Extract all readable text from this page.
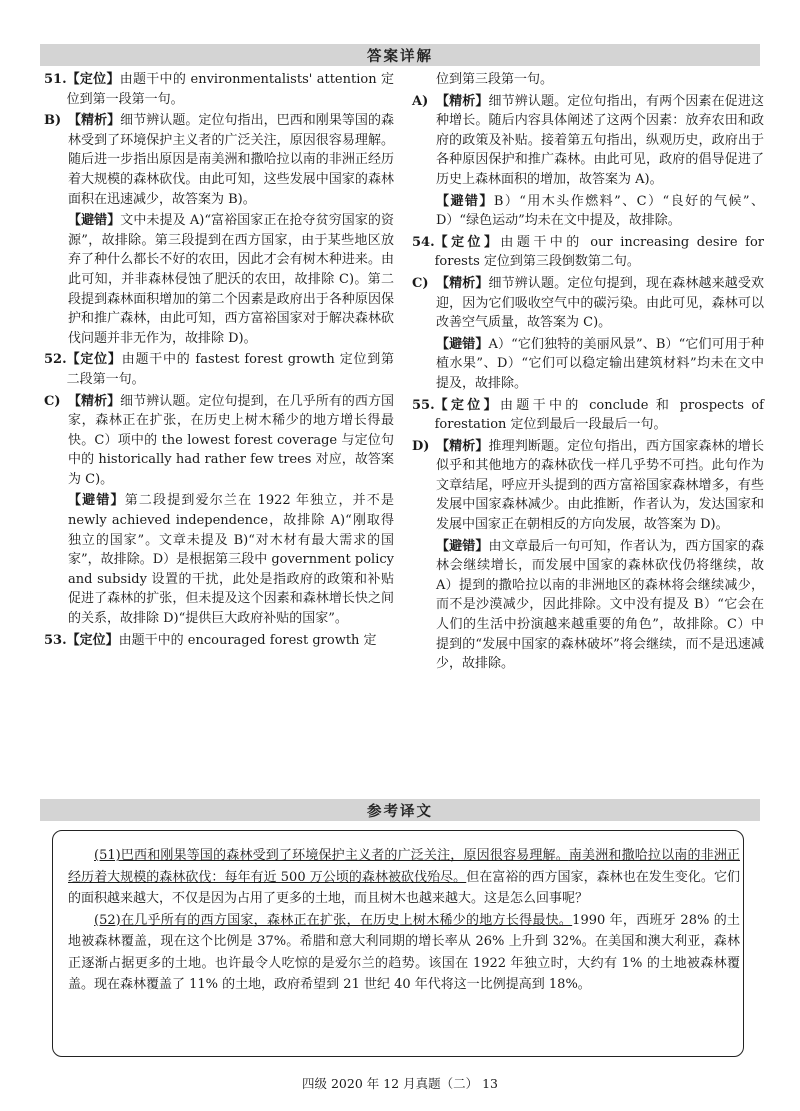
答案详解
51. 【定位】由题干中的 environmentalists' attention 定位到第一段第一句。
B) 【精析】细节辨认题。定位句指出，巴西和刚果等国的森林受到了环境保护主义者的广泛关注，原因很容易理解。随后进一步指出原因是南美洲和撒哈拉以南的非洲正经历着大规模的森林砍伐。由此可知，这些发展中国家的森林面积在迅速减少，故答案为 B)。
【避错】文中未提及 A)“富裕国家正在抢夺贫穷国家的资源”，故排除。第三段提到在西方国家，由于某些地区放弃了种什么都长不好的农田，因此才会有树木种进来。由此可知，并非森林侵蚀了肥沃的农田，故排除 C)。第二段提到森林面积增加的第二个因素是政府出于各种原因保护和推广森林，由此可知，西方富裕国家对于解决森林砍伐问题并非无作为，故排除 D)。
52. 【定位】由题干中的 fastest forest growth 定位到第二段第一句。
C) 【精析】细节辨认题。定位句提到，在几乎所有的西方国家，森林正在扩张，在历史上树木稀少的地方增长得最快。C）项中的 the lowest forest coverage 与定位句中的 historically had rather few trees 对应，故答案为 C)。
【避错】第二段提到爱尔兰在 1922 年独立，并不是 newly achieved independence，故排除 A)“刚取得独立的国家”。文章未提及 B)“对木材有最大需求的国家”，故排除。D）是根据第三段中 government policy and subsidy 设置的干扰，此处是指政府的政策和补贴促进了森林的扩张，但未提及这个因素和森林增长快之间的关系，故排除 D)“提供巨大政府补贴的国家”。
53. 【定位】由题干中的 encouraged forest growth 定
位到第三段第一句。
A) 【精析】细节辨认题。定位句指出，有两个因素在促进这种增长。随后内容具体阐述了这两个因素：放弃农田和政府的政策及补贴。接着第五句指出，纵观历史，政府出于各种原因保护和推广森林。由此可见，政府的倡导促进了历史上森林面积的增加，故答案为 A)。
【避错】B）“用木头作燃料”、C）“良好的气候”、D）“绿色运动”均未在文中提及，故排除。
54. 【定位】由题干中的 our increasing desire for forests 定位到第三段倒数第二句。
C) 【精析】细节辨认题。定位句提到，现在森林越来越受欢迎，因为它们吸收空气中的碳污染。由此可见，森林可以改善空气质量，故答案为 C)。
【避错】A）“它们独特的美丽风景”、B）“它们可用于种植水果”、D）“它们可以稳定输出建筑材料”均未在文中提及，故排除。
55. 【定位】由题干中的 conclude 和 prospects of forestation 定位到最后一段最后一句。
D) 【精析】推理判断题。定位句指出，西方国家森林的增长似乎和其他地方的森林砍伐一样几乎势不可挡。此句作为文章结尾，呼应开头提到的西方富裕国家森林增多，有些发展中国家森林减少。由此推断，作者认为，发达国家和发展中国家正在朝相反的方向发展，故答案为 D)。
【避错】由文章最后一句可知，作者认为，西方国家的森林会继续增长，而发展中国家的森林砍伐仍将继续，故 A）提到的撒哈拉以南的非洲地区的森林将会继续减少，而不是沙漠减少，因此排除。文中没有提及 B）“它会在人们的生活中扮演越来越重要的角色”，故排除。C）中提到的“发展中国家的森林破坏”将会继续，而不是迅速减少，故排除。
参考译文

(51)巴西和刚果等国的森林受到了环境保护主义者的广泛关注，原因很容易理解。南美洲和撒哈拉以南的非洲正经历着大规模的森林砍伐：每年有近 500 万公顷的森林被砍伐殆尽。但在富裕的西方国家，森林也在发生变化。它们的面积越来越大，不仅是因为占用了更多的土地，而且树木也越来越大。这是怎么回事呢？

(52)在几乎所有的西方国家，森林正在扩张，在历史上树木稀少的地方长得最快。1990 年，西班牙 28% 的土地被森林覆盖，现在这个比例是 37%。希腊和意大利同期的增长率从 26% 上升到 32%。在美国和澳大利亚，森林正逐渐占据更多的土地。也许最令人吃惊的是爱尔兰的趋势。该国在 1922 年独立时，大约有 1% 的土地被森林覆盖。现在森林覆盖了 11% 的土地，政府希望到 21 世纪 40 年代将这一比例提高到 18%。

四级 2020 年 12 月真题（二） 13
